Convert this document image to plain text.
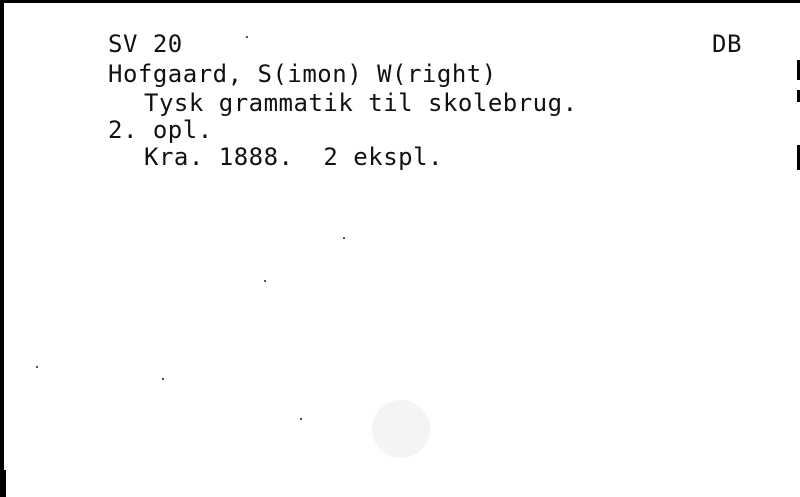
SV 20	DB

Hofgaard, S(imon) W(right)

Tysk grammatik til skolebrug.

2. opl.

Kra. 1888.  2 ekspl.
